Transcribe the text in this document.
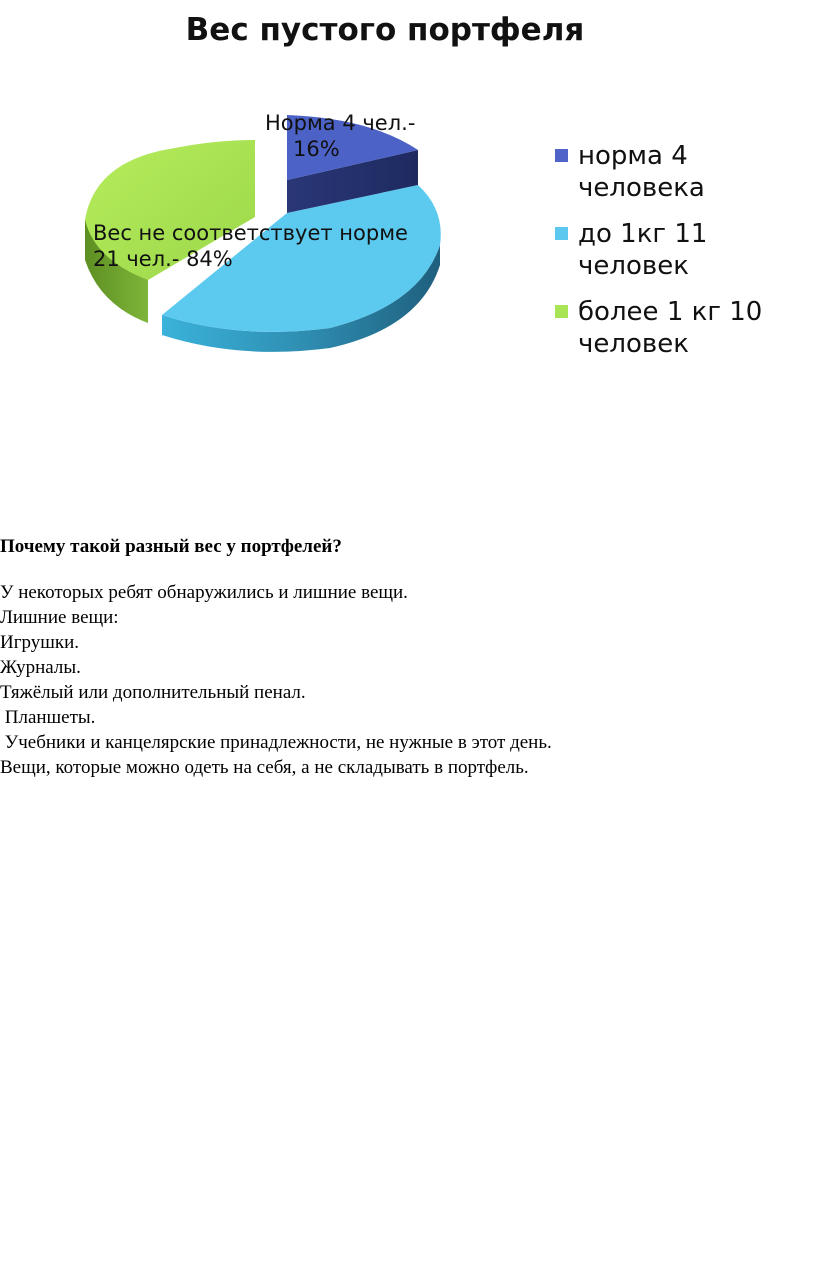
Вес пустого портфеля
Норма 4 чел.-
16%
Вес не соответствует норме
21 чел.- 84%
норма 4 человека
до 1кг 11 человек
более 1 кг 10 человек

Почему такой разный вес у портфелей?

У некоторых ребят обнаружились и лишние вещи.

Лишние вещи:

Игрушки.

Журналы.

Тяжёлый или дополнительный пенал.

Планшеты.

Учебники и канцелярские принадлежности, не нужные в этот день.

Вещи, которые можно одеть на себя, а не складывать в портфель.
